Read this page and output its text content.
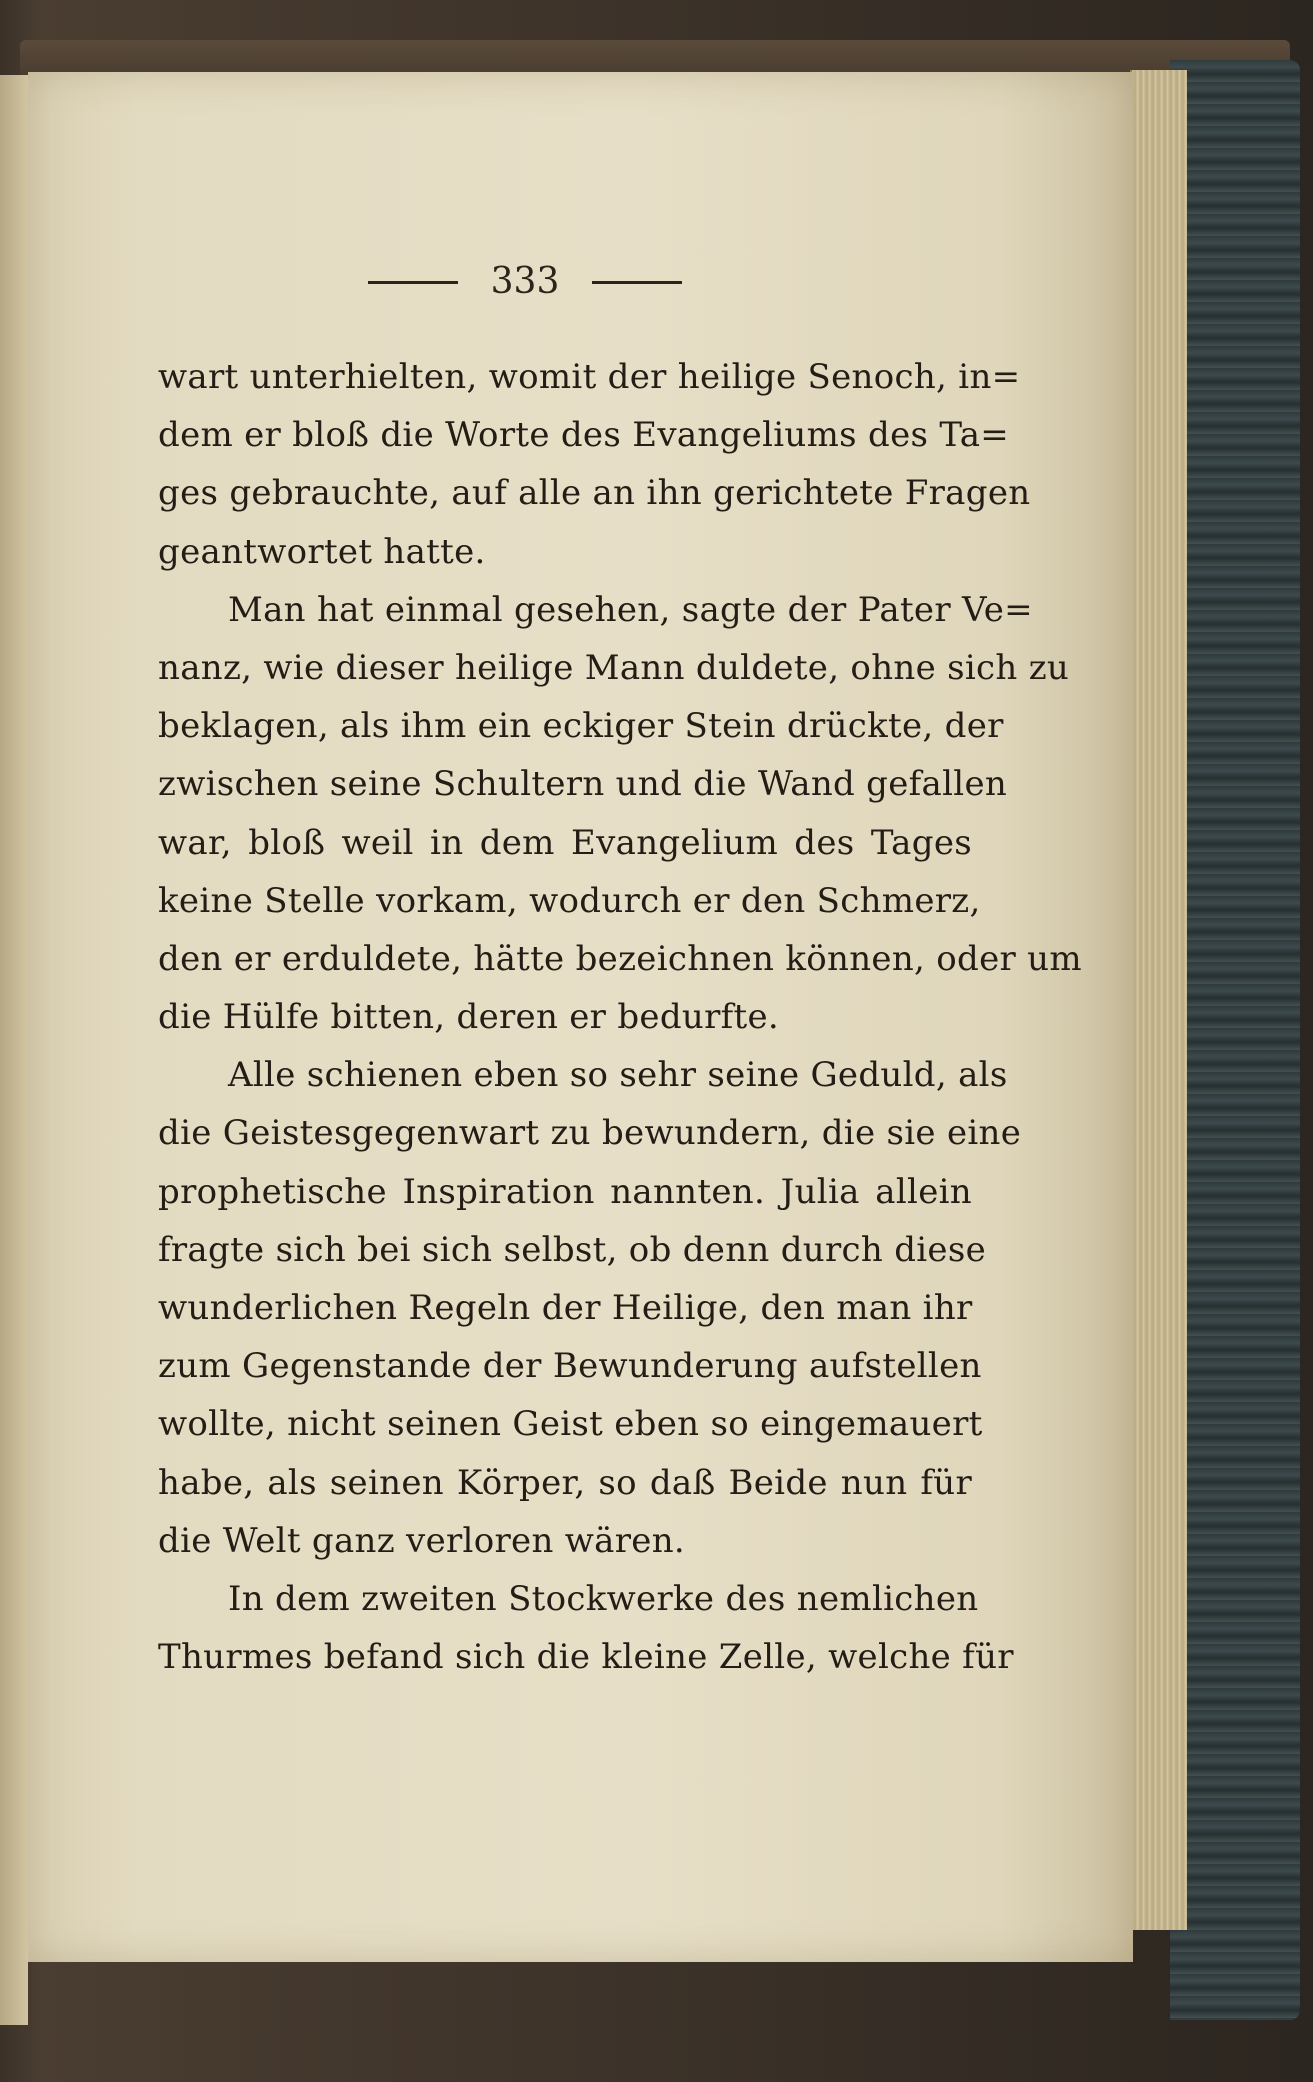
333
wart unterhielten, womit der heilige Senoch, in=
dem er bloß die Worte des Evangeliums des Ta=
ges gebrauchte, auf alle an ihn gerichtete Fragen
geantwortet hatte.
Man hat einmal gesehen, sagte der Pater Ve=
nanz, wie dieser heilige Mann duldete, ohne sich zu
beklagen, als ihm ein eckiger Stein drückte, der
zwischen seine Schultern und die Wand gefallen
war, bloß weil in dem Evangelium des Tages
keine Stelle vorkam, wodurch er den Schmerz,
den er erduldete, hätte bezeichnen können, oder um
die Hülfe bitten, deren er bedurfte.
Alle schienen eben so sehr seine Geduld, als
die Geistesgegenwart zu bewundern, die sie eine
prophetische Inspiration nannten. Julia allein
fragte sich bei sich selbst, ob denn durch diese
wunderlichen Regeln der Heilige, den man ihr
zum Gegenstande der Bewunderung aufstellen
wollte, nicht seinen Geist eben so eingemauert
habe, als seinen Körper, so daß Beide nun für
die Welt ganz verloren wären.
In dem zweiten Stockwerke des nemlichen
Thurmes befand sich die kleine Zelle, welche für
